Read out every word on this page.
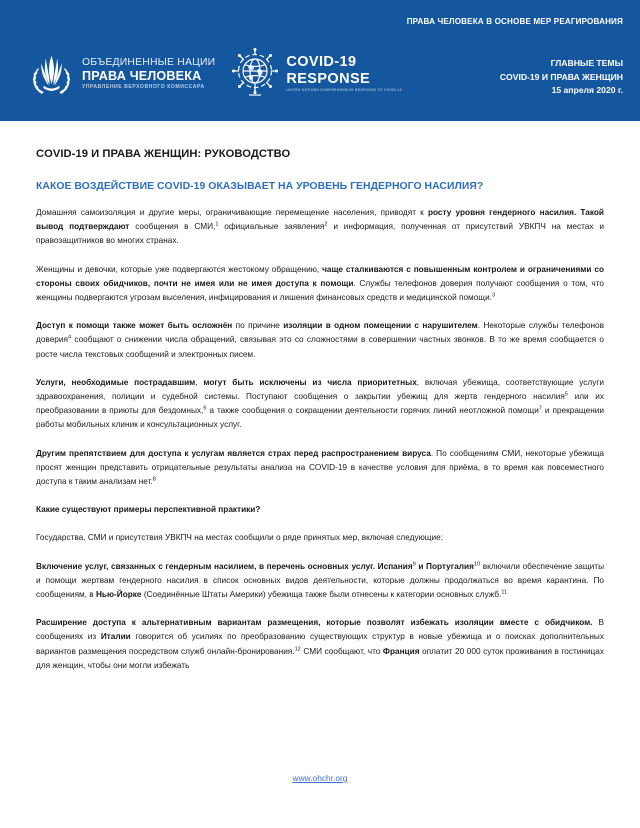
ПРАВА ЧЕЛОВЕКА В ОСНОВЕ МЕР РЕАГИРОВАНИЯ
ГЛАВНЫЕ ТЕМЫ
COVID-19 И ПРАВА ЖЕНЩИН
15 апреля 2020 г.
ОБЪЕДИНЕННЫЕ НАЦИИ
ПРАВА ЧЕЛОВЕКА
УПРАВЛЕНИЕ ВЕРХОВНОГО КОМИССАРА
COVID-19
RESPONSE
UNITED NATIONS COMPREHENSIVE RESPONSE TO COVID-19
COVID-19 И ПРАВА ЖЕНЩИН: РУКОВОДСТВО
КАКОЕ ВОЗДЕЙСТВИЕ COVID-19 ОКАЗЫВАЕТ НА УРОВЕНЬ ГЕНДЕРНОГО НАСИЛИЯ?

Домашняя самоизоляция и другие меры, ограничивающие перемещение населения, приводят к росту уровня гендерного насилия. Такой вывод подтверждают сообщения в СМИ,$^1$ официальные заявления$^2$ и информация, полученная от присутствий УВКПЧ на местах и правозащитников во многих странах.

Женщины и девочки, которые уже подвергаются жестокому обращению, чаще сталкиваются с повышенным контролем и ограничениями со стороны своих обидчиков, почти не имея или не имея доступа к помощи. Службы телефонов доверия получают сообщения о том, что женщины подвергаются угрозам выселения, инфицирования и лишения финансовых средств и медицинской помощи.$^3$

Доступ к помощи также может быть осложнён по причине изоляции в одном помещении с нарушителем. Некоторые службы телефонов доверия$^4$ сообщают о снижении числа обращений, связывая это со сложностями в совершении частных звонков. В то же время сообщается о росте числа текстовых сообщений и электронных писем.

Услуги, необходимые пострадавшим, могут быть исключены из числа приоритетных, включая убежища, соответствующие услуги здравоохранения, полиции и судебной системы. Поступают сообщения о закрытии убежищ для жертв гендерного насилия$^5$ или их преобразовании в приюты для бездомных,$^6$ а также сообщения о сокращении деятельности горячих линий неотложной помощи$^7$ и прекращении работы мобильных клиник и консультационных услуг.

Другим препятствием для доступа к услугам является страх перед распространением вируса. По сообщениям СМИ, некоторые убежища просят женщин представить отрицательные результаты анализа на COVID-19 в качестве условия для приёма, в то время как повсеместного доступа к таким анализам нет.$^8$

Какие существуют примеры перспективной практики?

Государства, СМИ и присутствия УВКПЧ на местах сообщили о ряде принятых мер, включая следующие:

Включение услуг, связанных с гендерным насилием, в перечень основных услуг. Испания$^9$ и Португалия$^{10}$ включили обеспечение защиты и помощи жертвам гендерного насилия в список основных видов деятельности, которые должны продолжаться во время карантина. По сообщениям, в Нью-Йорке (Соединённые Штаты Америки) убежища также были отнесены к категории основных служб.$^{11}$

Расширение доступа к альтернативным вариантам размещения, которые позволят избежать изоляции вместе с обидчиком. В сообщениях из Италии говорится об усилиях по преобразованию существующих структур в новые убежища и о поисках дополнительных вариантов размещения посредством служб онлайн-бронирования.$^{12}$ СМИ сообщают, что Франция оплатит 20 000 суток проживания в гостиницах для женщин, чтобы они могли избежать

www.ohchr.org
